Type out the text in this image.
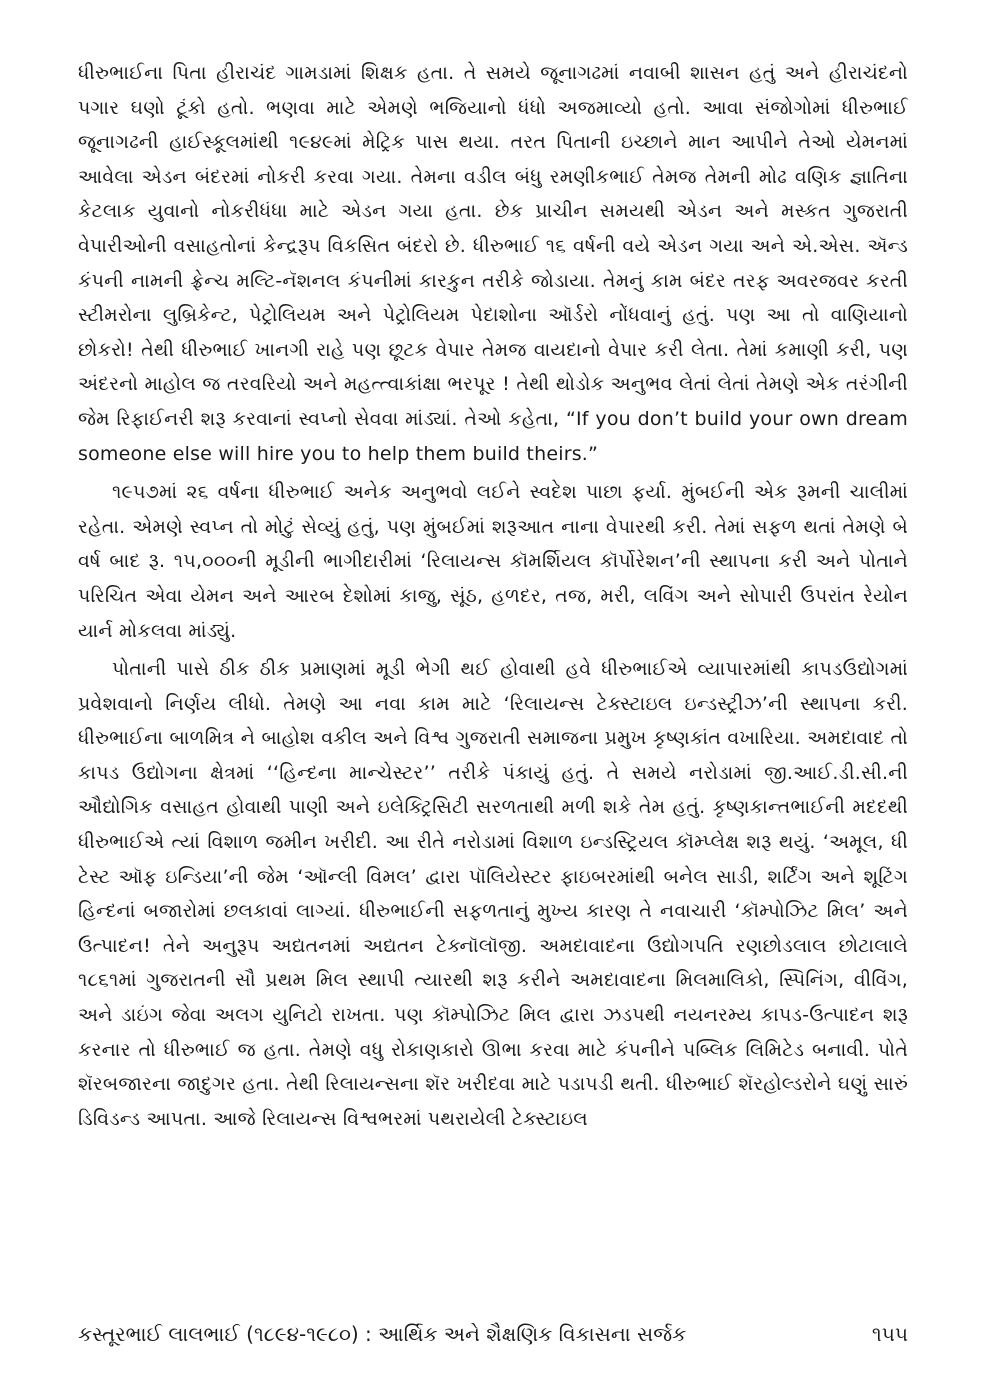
ધીરુભાઈના પિતા હીરાચંદ ગામડામાં શિક્ષક હતા. તે સમયે જૂનાગઢમાં નવાબી શાસન હતું અને હીરાચંદનો પગાર ઘણો ટૂંકો હતો. ભણવા માટે એમણે ભજિયાનો ધંધો અજમાવ્યો હતો. આવા સંજોગોમાં ધીરુભાઈ જૂનાગઢની હાઈસ્કૂલમાંથી ૧૯૪૯માં મેટ્રિક પાસ થયા. તરત પિતાની ઇચ્છાને માન આપીને તેઓ યેમનમાં આવેલા એડન બંદરમાં નોકરી કરવા ગયા. તેમના વડીલ બંધુ રમણીકભાઈ તેમજ તેમની મોઢ વણિક જ્ઞાતિના કેટલાક યુવાનો નોકરીધંધા માટે એડન ગયા હતા. છેક પ્રાચીન સમયથી એડન અને મસ્કત ગુજરાતી વેપારીઓની વસાહતોનાં કેન્દ્રરૂપ વિકસિત બંદરો છે. ધીરુભાઈ ૧૬ વર્ષની વયે એડન ગયા અને એ.એસ. ઍન્ડ કંપની નામની ફ્રેન્ચ મલ્ટિ-નૅશનલ કંપનીમાં કારકુન તરીકે જોડાયા. તેમનું કામ બંદર તરફ અવરજવર કરતી સ્ટીમરોના લુબ્રિકેન્ટ, પેટ્રોલિયમ અને પેટ્રોલિયમ પેદાશોના ઑર્ડરો નોંધવાનું હતું. પણ આ તો વાણિયાનો છોકરો! તેથી ધીરુભાઈ ખાનગી રાહે પણ છૂટક વેપાર તેમજ વાયદાનો વેપાર કરી લેતા. તેમાં કમાણી કરી, પણ અંદરનો માહોલ જ તરવરિયો અને મહત્ત્વાકાંક્ષા ભરપૂર ! તેથી થોડોક અનુભવ લેતાં લેતાં તેમણે એક તરંગીની જેમ રિફાઈનરી શરૂ કરવાનાં સ્વપ્નો સેવવા માંડ્યાં. તેઓ કહેતા, “If you don’t build your own dream someone else will hire you to help them build theirs.”

૧૯૫૭માં ૨૬ વર્ષના ધીરુભાઈ અનેક અનુભવો લઈને સ્વદેશ પાછા ફર્યા. મુંબઈની એક રૂમની ચાલીમાં રહેતા. એમણે સ્વપ્ન તો મોટું સેવ્યું હતું, પણ મુંબઈમાં શરૂઆત નાના વેપારથી કરી. તેમાં સફળ થતાં તેમણે બે વર્ષ બાદ રૂ. ૧૫,૦૦૦ની મૂડીની ભાગીદારીમાં ‘રિલાયન્સ કૉમર્શિયલ કૉર્પોરેશન’ની સ્થાપના કરી અને પોતાને પરિચિત એવા યેમન અને આરબ દેશોમાં કાજુ, સૂંઠ, હળદર, તજ, મરી, લવિંગ અને સોપારી ઉપરાંત રેયોન યાર્ન મોકલવા માંડ્યું.

પોતાની પાસે ઠીક ઠીક પ્રમાણમાં મૂડી ભેગી થઈ હોવાથી હવે ધીરુભાઈએ વ્યાપારમાંથી કાપડઉદ્યોગમાં પ્રવેશવાનો નિર્ણય લીધો. તેમણે આ નવા કામ માટે ‘રિલાયન્સ ટેક્સ્ટાઇલ ઇન્ડસ્ટ્રીઝ’ની સ્થાપના કરી. ધીરુભાઈના બાળમિત્ર ને બાહોશ વકીલ અને વિશ્વ ગુજરાતી સમાજના પ્રમુખ કૃષ્ણકાંત વખારિયા. અમદાવાદ તો કાપડ ઉદ્યોગના ક્ષેત્રમાં ‘‘હિન્દના માન્ચેસ્ટર’’ તરીકે પંકાયું હતું. તે સમયે નરોડામાં જી.આઈ.ડી.સી.ની ઔદ્યોગિક વસાહત હોવાથી પાણી અને ઇલેક્ટ્રિસિટી સરળતાથી મળી શકે તેમ હતું. કૃષ્ણકાન્તભાઈની મદદથી ધીરુભાઈએ ત્યાં વિશાળ જમીન ખરીદી. આ રીતે નરોડામાં વિશાળ ઇન્ડસ્ટ્રિયલ કૉમ્પ્લેક્ષ શરૂ થયું. ‘અમૂલ, ધી ટેસ્ટ ઑફ ઇન્ડિયા’ની જેમ ‘ઑન્લી વિમલ’ દ્વારા પૉલિયેસ્ટર ફાઇબરમાંથી બનેલ સાડી, શર્ટિંગ અને શૂટિંગ હિન્દનાં બજારોમાં છલકાવાં લાગ્યાં. ધીરુભાઈની સફળતાનું મુખ્ય કારણ તે નવાચારી ‘કૉમ્પોઝિટ મિલ’ અને ઉત્પાદન! તેને અનુરૂપ અદ્યતનમાં અદ્યતન ટેક્નૉલૉજી. અમદાવાદના ઉદ્યોગપતિ રણછોડલાલ છોટાલાલે ૧૮૬૧માં ગુજરાતની સૌ પ્રથમ મિલ સ્થાપી ત્યારથી શરૂ કરીને અમદાવાદના મિલમાલિકો, સ્પિનિંગ, વીવિંગ, અને ડાઇંગ જેવા અલગ યુનિટો રાખતા. પણ કૉમ્પોઝિટ મિલ દ્વારા ઝડપથી નયનરમ્ય કાપડ-ઉત્પાદન શરૂ કરનાર તો ધીરુભાઈ જ હતા. તેમણે વધુ રોકાણકારો ઊભા કરવા માટે કંપનીને પબ્લિક લિમિટેડ બનાવી. પોતે શૅરબજારના જાદુગર હતા. તેથી રિલાયન્સના શૅર ખરીદવા માટે પડાપડી થતી. ધીરુભાઈ શૅરહોલ્ડરોને ઘણું સારું ડિવિડન્ડ આપતા. આજે રિલાયન્સ વિશ્વભરમાં પથરાયેલી ટેક્સ્ટાઇલ

કસ્તૂરભાઈ લાલભાઈ (૧૮૯૪-૧૯૮૦) : આર્થિક અને શૈક્ષણિક વિકાસના સર્જક	૧૫૫
